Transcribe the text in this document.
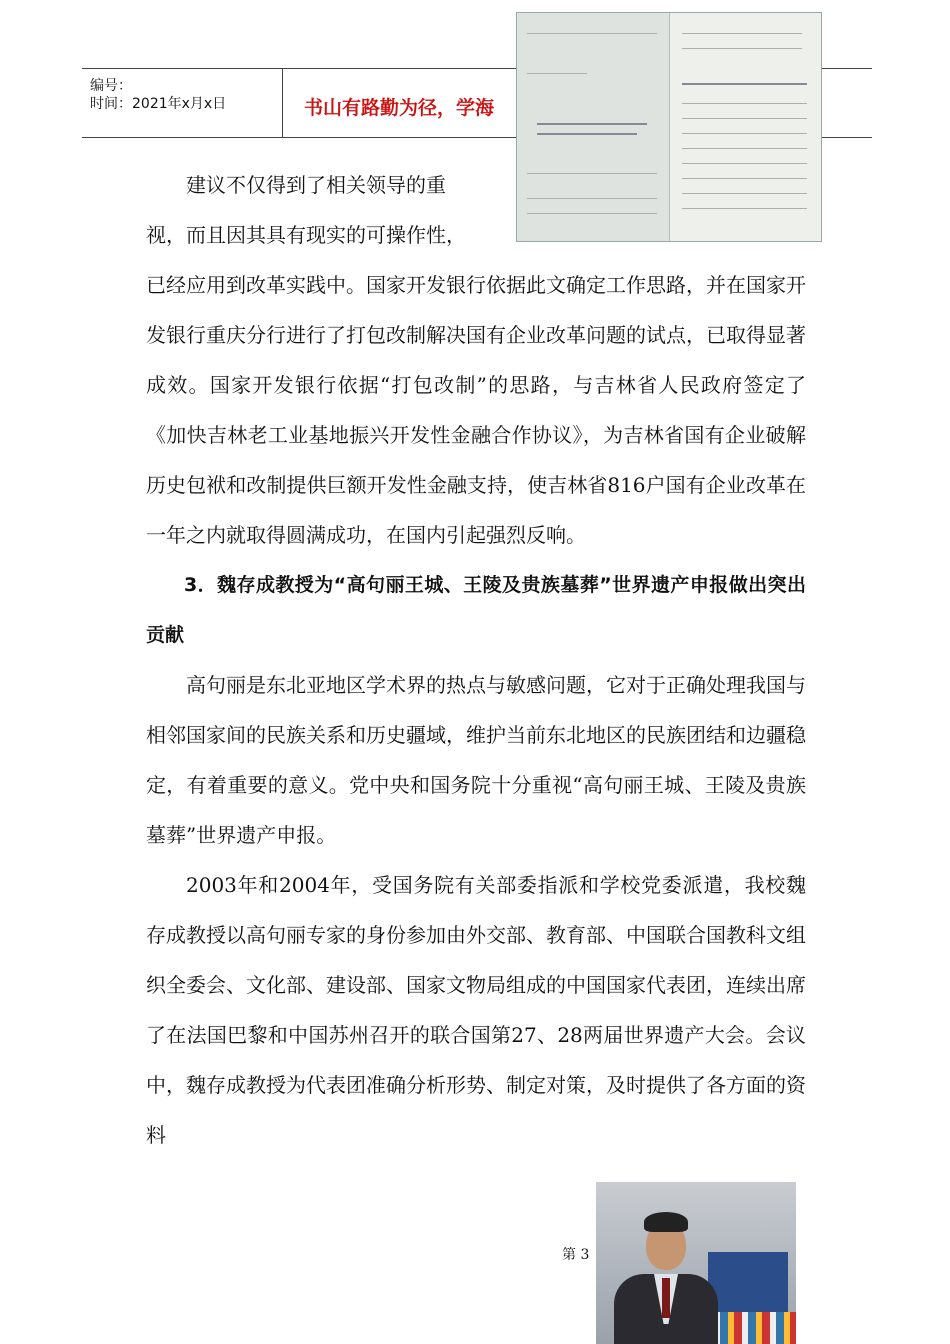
编号：
时间：2021年x月x日	书山有路勤为径，学海

建议不仅得到了相关领导的重

视，而且因其具有现实的可操作性，

已经应用到改革实践中。国家开发银行依据此文确定工作思路，并在国家开发银行重庆分行进行了打包改制解决国有企业改革问题的试点，已取得显著成效。国家开发银行依据“打包改制”的思路，与吉林省人民政府签定了《加快吉林老工业基地振兴开发性金融合作协议》，为吉林省国有企业破解历史包袱和改制提供巨额开发性金融支持，使吉林省816户国有企业改革在一年之内就取得圆满成功，在国内引起强烈反响。

3．魏存成教授为“高句丽王城、王陵及贵族墓葬”世界遗产申报做出突出贡献

高句丽是东北亚地区学术界的热点与敏感问题，它对于正确处理我国与相邻国家间的民族关系和历史疆域，维护当前东北地区的民族团结和边疆稳定，有着重要的意义。党中央和国务院十分重视“高句丽王城、王陵及贵族墓葬”世界遗产申报。

2003年和2004年，受国务院有关部委指派和学校党委派遣，我校魏存成教授以高句丽专家的身份参加由外交部、教育部、中国联合国教科文组织全委会、文化部、建设部、国家文物局组成的中国国家代表团，连续出席了在法国巴黎和中国苏州召开的联合国第27、28两届世界遗产大会。会议中，魏存成教授为代表团准确分析形势、制定对策，及时提供了各方面的资料

第 3
